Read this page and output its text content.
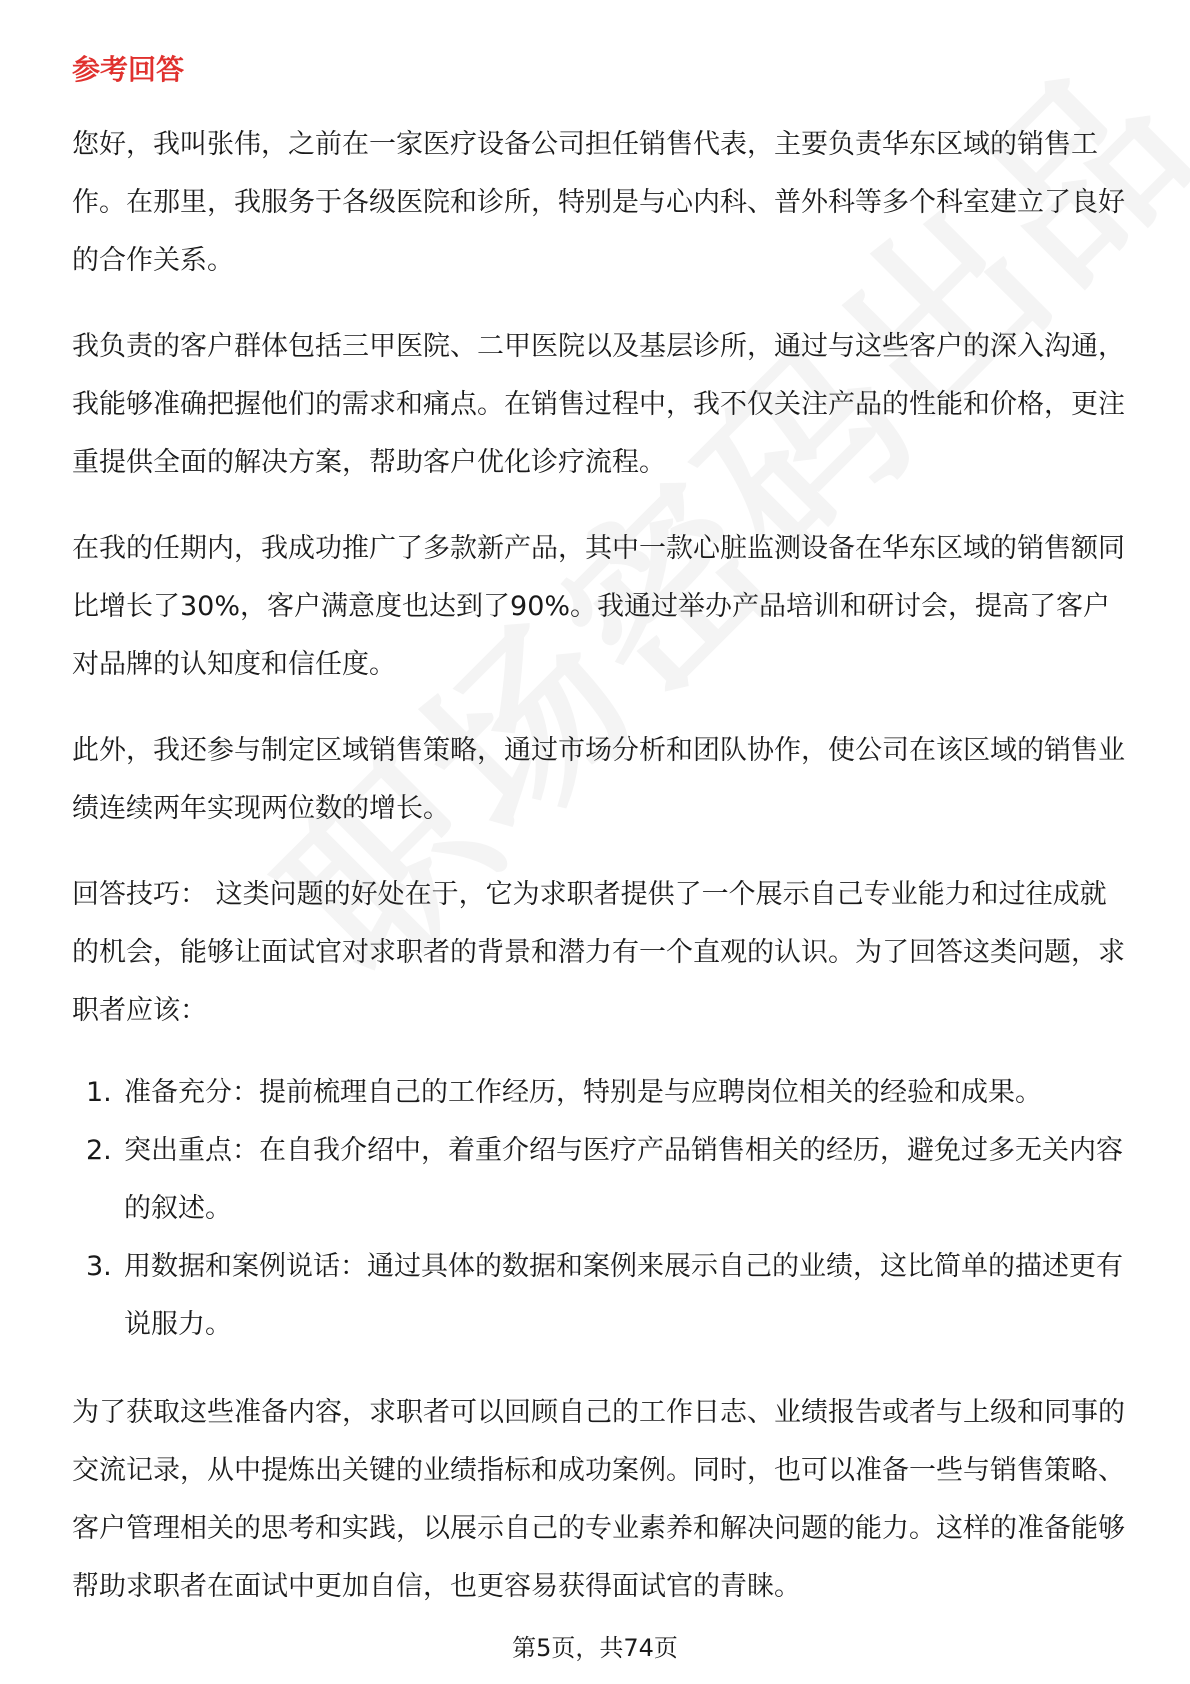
参考回答

您好，我叫张伟，之前在一家医疗设备公司担任销售代表，主要负责华东区域的销售工作。在那里，我服务于各级医院和诊所，特别是与心内科、普外科等多个科室建立了良好的合作关系。

我负责的客户群体包括三甲医院、二甲医院以及基层诊所，通过与这些客户的深入沟通，我能够准确把握他们的需求和痛点。在销售过程中，我不仅关注产品的性能和价格，更注重提供全面的解决方案，帮助客户优化诊疗流程。

在我的任期内，我成功推广了多款新产品，其中一款心脏监测设备在华东区域的销售额同比增长了30%，客户满意度也达到了90%。我通过举办产品培训和研讨会，提高了客户对品牌的认知度和信任度。

此外，我还参与制定区域销售策略，通过市场分析和团队协作，使公司在该区域的销售业绩连续两年实现两位数的增长。

回答技巧： 这类问题的好处在于，它为求职者提供了一个展示自己专业能力和过往成就的机会，能够让面试官对求职者的背景和潜力有一个直观的认识。为了回答这类问题，求职者应该：

1. 准备充分：提前梳理自己的工作经历，特别是与应聘岗位相关的经验和成果。
2. 突出重点：在自我介绍中，着重介绍与医疗产品销售相关的经历，避免过多无关内容的叙述。
3. 用数据和案例说话：通过具体的数据和案例来展示自己的业绩，这比简单的描述更有说服力。

为了获取这些准备内容，求职者可以回顾自己的工作日志、业绩报告或者与上级和同事的交流记录，从中提炼出关键的业绩指标和成功案例。同时，也可以准备一些与销售策略、客户管理相关的思考和实践，以展示自己的专业素养和解决问题的能力。这样的准备能够帮助求职者在面试中更加自信，也更容易获得面试官的青睐。

第5页，共74页
